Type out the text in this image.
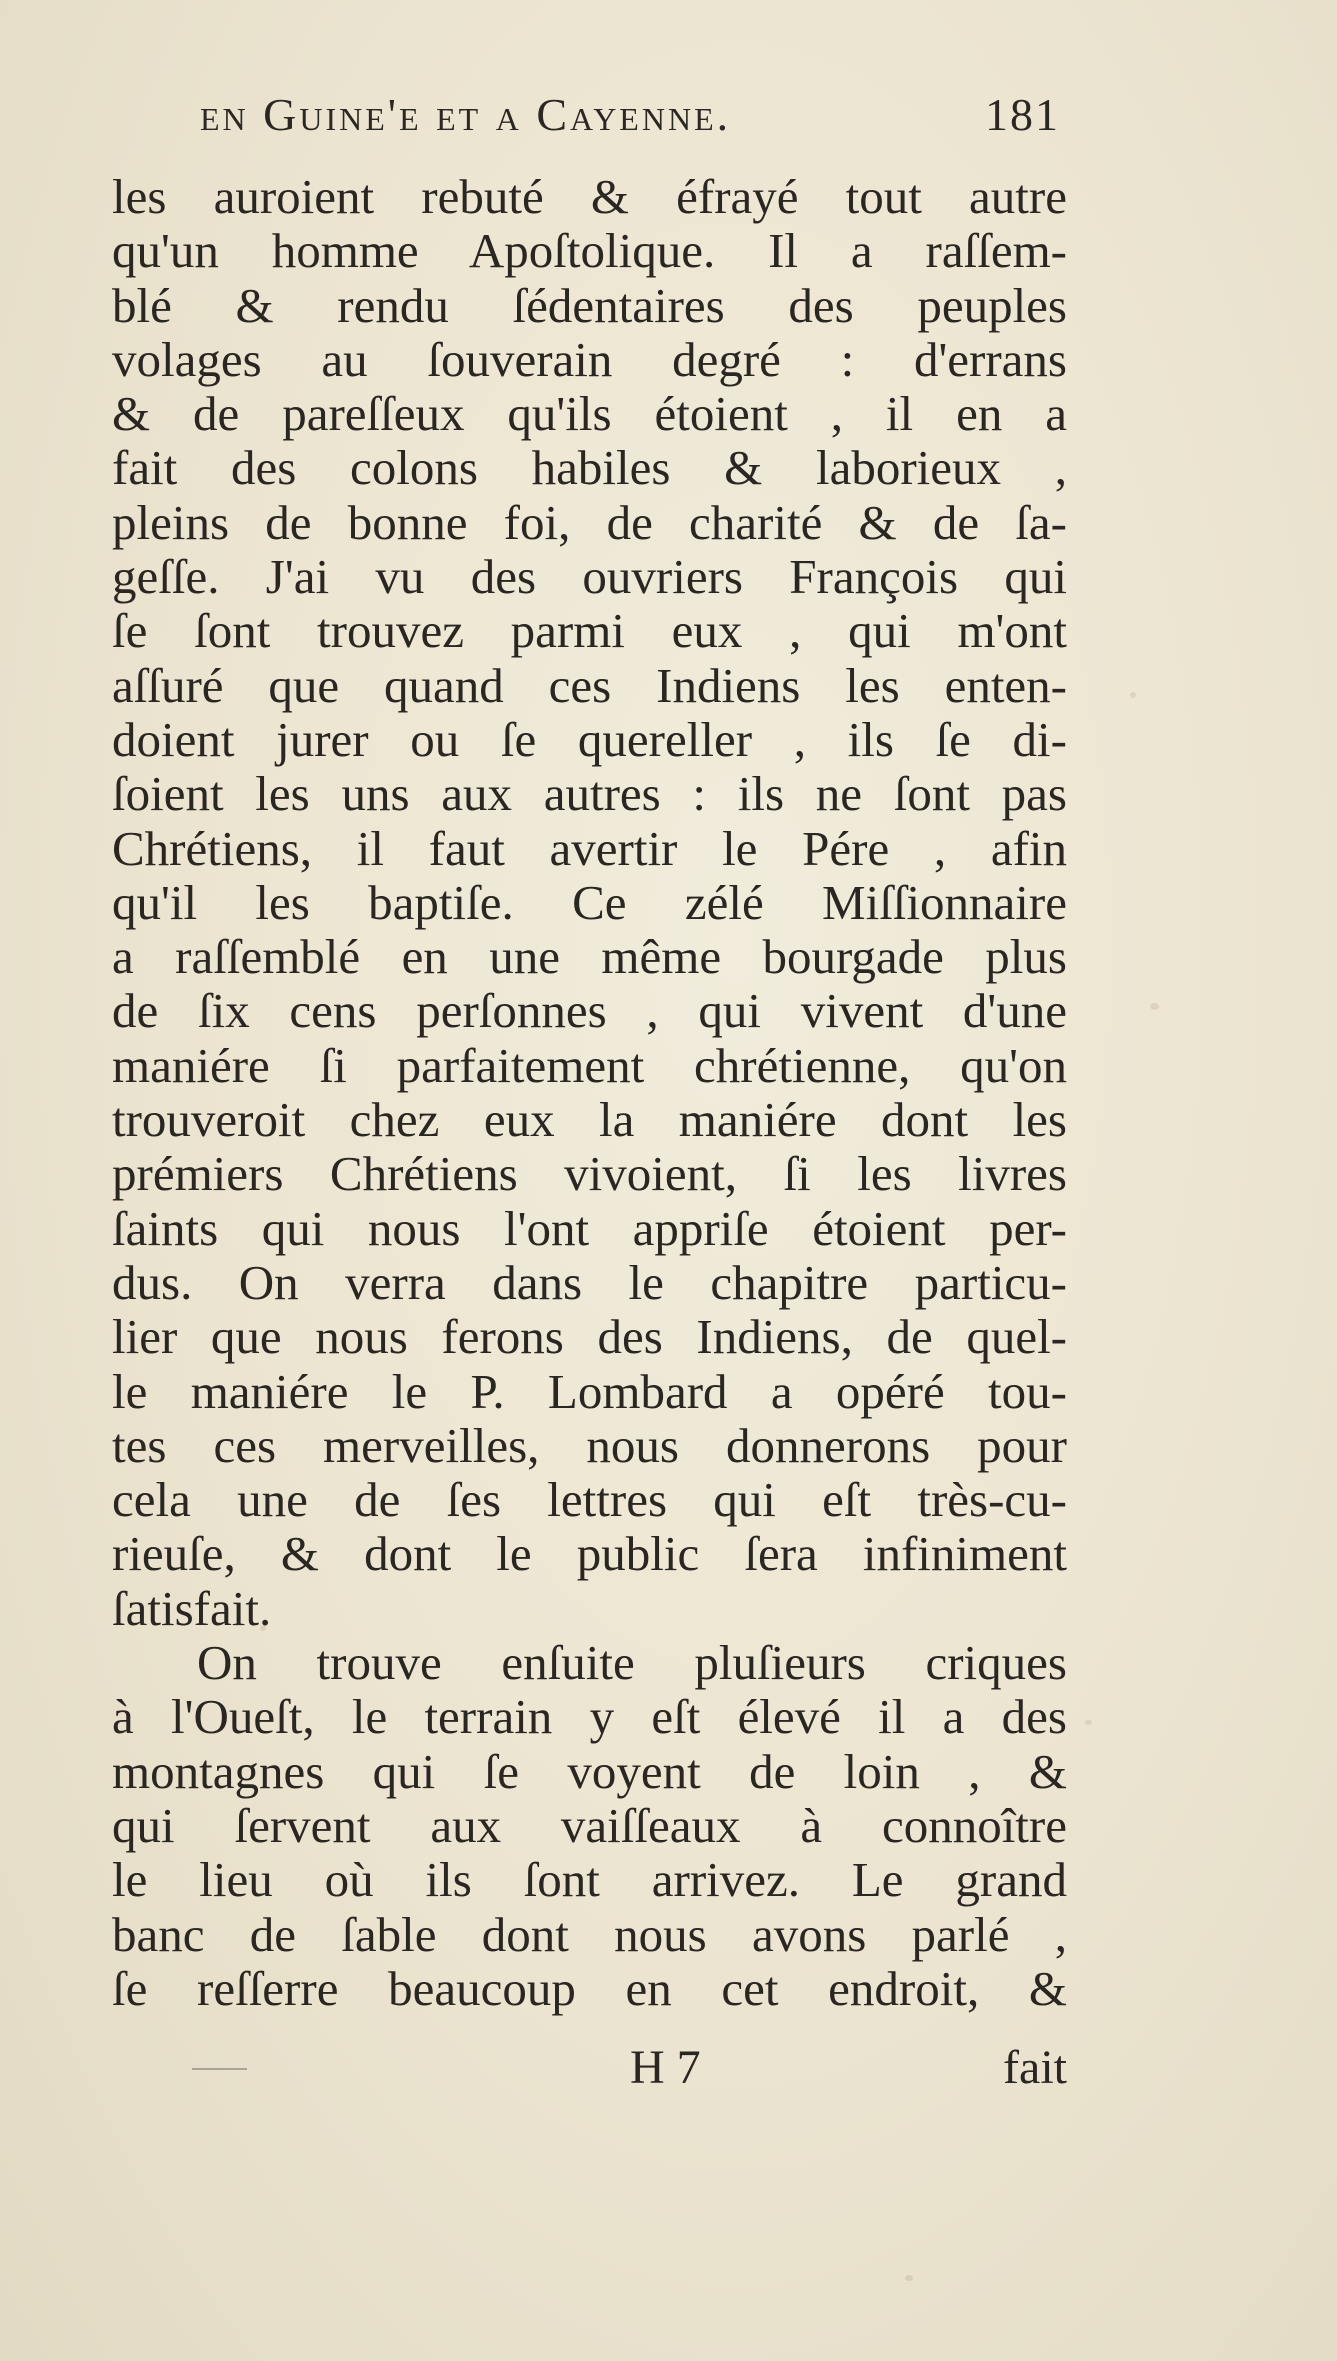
en Guine'e et a Cayenne.	181
les auroient rebuté & éfrayé tout autre
qu'un homme Apoſtolique. Il a raſſem-
blé & rendu ſédentaires des peuples
volages au ſouverain degré : d'errans
& de pareſſeux qu'ils étoient , il en a
fait des colons habiles & laborieux ,
pleins de bonne foi, de charité & de ſa-
geſſe. J'ai vu des ouvriers François qui
ſe ſont trouvez parmi eux , qui m'ont
aſſuré que quand ces Indiens les enten-
doient jurer ou ſe quereller , ils ſe di-
ſoient les uns aux autres : ils ne ſont pas
Chrétiens, il faut avertir le Pére , afin
qu'il les baptiſe. Ce zélé Miſſionnaire
a raſſemblé en une même bourgade plus
de ſix cens perſonnes , qui vivent d'une
maniére ſi parfaitement chrétienne, qu'on
trouveroit chez eux la maniére dont les
prémiers Chrétiens vivoient, ſi les livres
ſaints qui nous l'ont appriſe étoient per-
dus. On verra dans le chapitre particu-
lier que nous ferons des Indiens, de quel-
le maniére le P. Lombard a opéré tou-
tes ces merveilles, nous donnerons pour
cela une de ſes lettres qui eſt très-cu-
rieuſe, & dont le public ſera infiniment
ſatisfait.
On trouve enſuite pluſieurs criques
à l'Oueſt, le terrain y eſt élevé il a des
montagnes qui ſe voyent de loin , &
qui ſervent aux vaiſſeaux à connoître
le lieu où ils ſont arrivez. Le grand
banc de ſable dont nous avons parlé ,
ſe reſſerre beaucoup en cet endroit, &
H 7	fait
